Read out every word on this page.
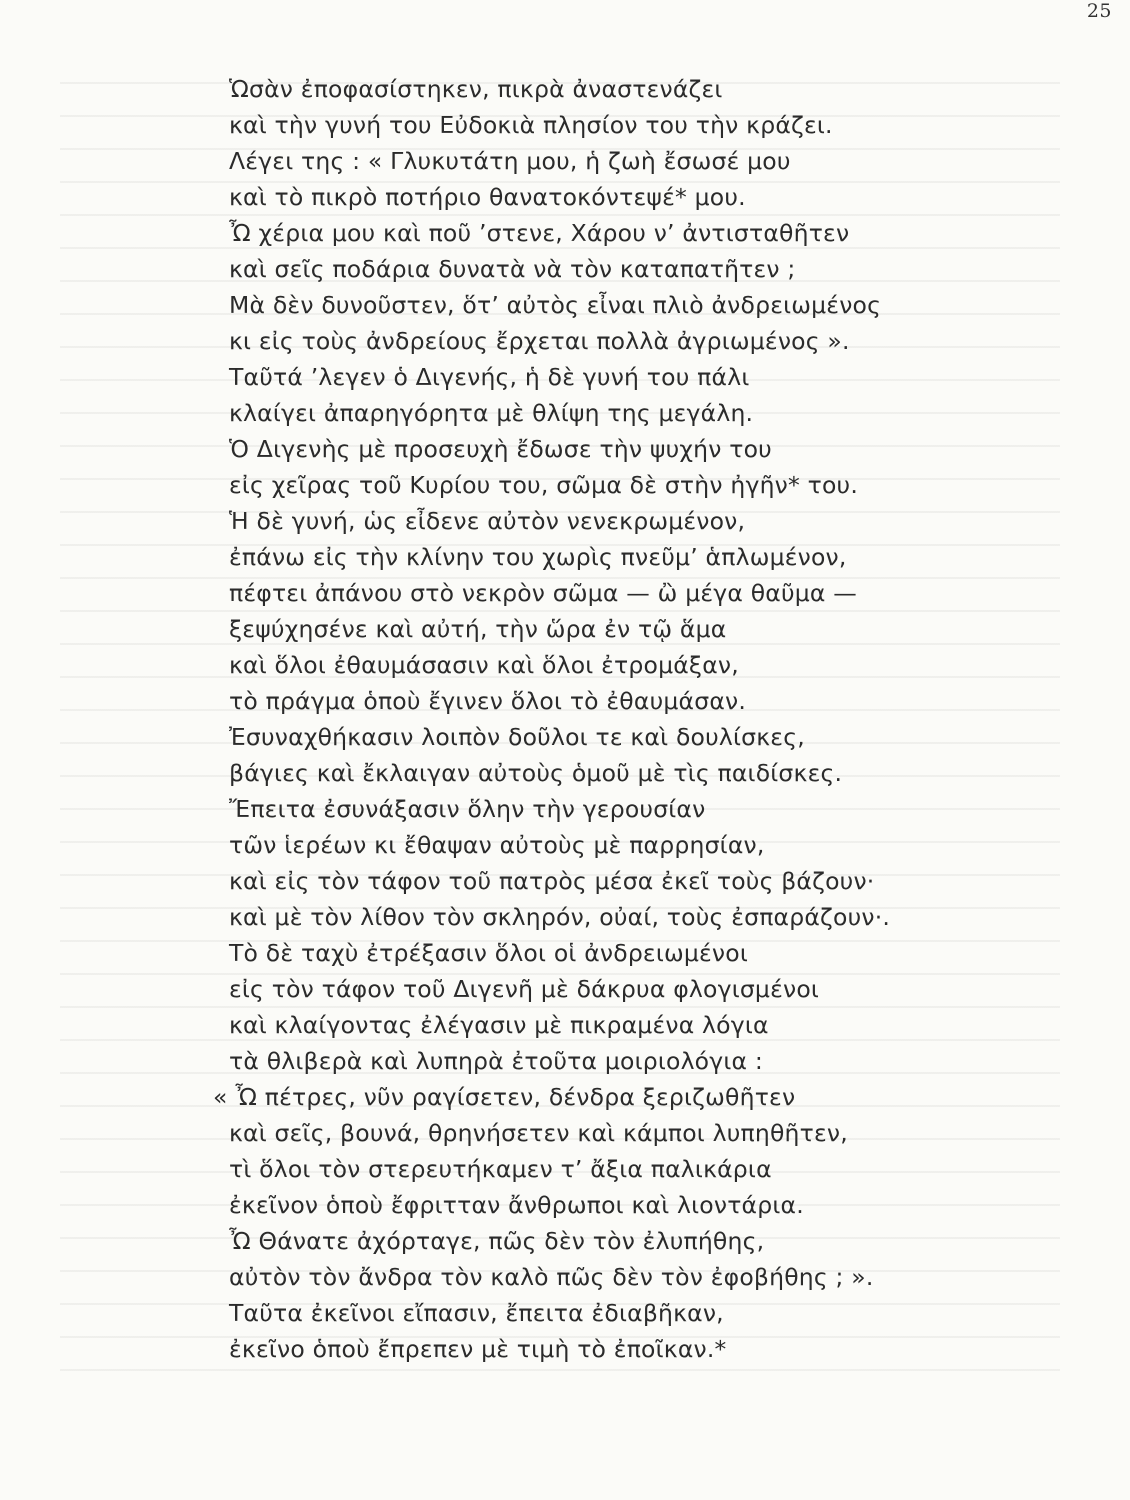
25
Ὡσὰν ἐποφασίστηκεν, πικρὰ ἀναστενάζει
καὶ τὴν γυνή του Εὐδοκιὰ πλησίον του τὴν κράζει.
Λέγει της : « Γλυκυτάτη μου, ἡ ζωὴ ἔσωσέ μου
καὶ τὸ πικρὸ ποτήριο θανατοκόντεψέ* μου.
Ὦ χέρια μου καὶ ποῦ ’στενε, Χάρου ν’ ἀντισταθῆτεν
καὶ σεῖς ποδάρια δυνατὰ νὰ τὸν καταπατῆτεν ;
Μὰ δὲν δυνοῦστεν, ὅτ’ αὐτὸς εἶναι πλιὸ ἀνδρειωμένος
κι εἰς τοὺς ἀνδρείους ἔρχεται πολλὰ ἀγριωμένος ».
Ταῦτά ’λεγεν ὁ Διγενής, ἡ δὲ γυνή του πάλι
κλαίγει ἀπαρηγόρητα μὲ θλίψη της μεγάλη.
Ὁ Διγενὴς μὲ προσευχὴ ἔδωσε τὴν ψυχήν του
εἰς χεῖρας τοῦ Κυρίου του, σῶμα δὲ στὴν ἠγῆν* του.
Ἡ δὲ γυνή, ὡς εἶδενε αὐτὸν νενεκρωμένον,
ἐπάνω εἰς τὴν κλίνην του χωρὶς πνεῦμ’ ἁπλωμένον,
πέφτει ἀπάνου στὸ νεκρὸν σῶμα — ὢ μέγα θαῦμα —
ξεψύχησένε καὶ αὐτή, τὴν ὥρα ἐν τῷ ἅμα
καὶ ὅλοι ἐθαυμάσασιν καὶ ὅλοι ἐτρομάξαν,
τὸ πράγμα ὁποὺ ἔγινεν ὅλοι τὸ ἐθαυμάσαν.
Ἐσυναχθήκασιν λοιπὸν δοῦλοι τε καὶ δουλίσκες,
βάγιες καὶ ἔκλαιγαν αὐτοὺς ὁμοῦ μὲ τὶς παιδίσκες.
Ἔπειτα ἐσυνάξασιν ὅλην τὴν γερουσίαν
τῶν ἱερέων κι ἔθαψαν αὐτοὺς μὲ παρρησίαν,
καὶ εἰς τὸν τάφον τοῦ πατρὸς μέσα ἐκεῖ τοὺς βάζουν·
καὶ μὲ τὸν λίθον τὸν σκληρόν, οὐαί, τοὺς ἐσπαράζουν·.
Τὸ δὲ ταχὺ ἐτρέξασιν ὅλοι οἱ ἀνδρειωμένοι
εἰς τὸν τάφον τοῦ Διγενῆ μὲ δάκρυα φλογισμένοι
καὶ κλαίγοντας ἐλέγασιν μὲ πικραμένα λόγια
τὰ θλιβερὰ καὶ λυπηρὰ ἐτοῦτα μοιριολόγια :
« Ὦ πέτρες, νῦν ραγίσετεν, δένδρα ξεριζωθῆτεν
καὶ σεῖς, βουνά, θρηνήσετεν καὶ κάμποι λυπηθῆτεν,
τὶ ὅλοι τὸν στερευτήκαμεν τ’ ἄξια παλικάρια
ἐκεῖνον ὁποὺ ἔφριτταν ἄνθρωποι καὶ λιοντάρια.
Ὦ Θάνατε ἀχόρταγε, πῶς δὲν τὸν ἐλυπήθης,
αὐτὸν τὸν ἄνδρα τὸν καλὸ πῶς δὲν τὸν ἐφοβήθης ; ».
Ταῦτα ἐκεῖνοι εἴπασιν, ἔπειτα ἐδιαβῆκαν,
ἐκεῖνο ὁποὺ ἔπρεπεν μὲ τιμὴ τὸ ἐποῖκαν.*
